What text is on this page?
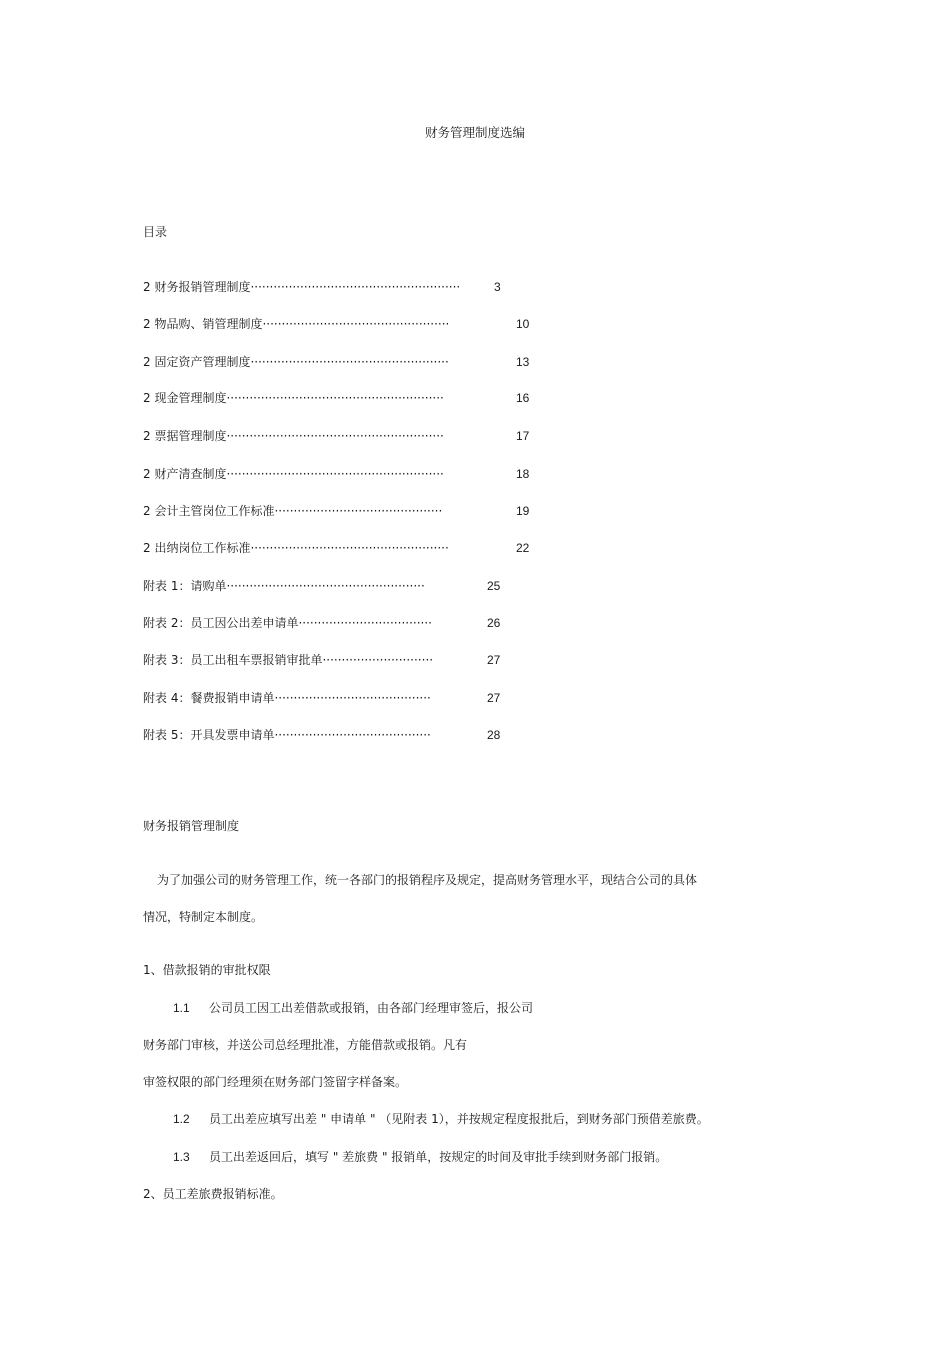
财务管理制度选编
目录
2 财务报销管理制度·······················································	3
2 物品购、销管理制度·················································	10
2 固定资产管理制度····················································	13
2 现金管理制度·························································	16
2 票据管理制度·························································	17
2 财产清查制度·························································	18
2 会计主管岗位工作标准············································	19
2 出纳岗位工作标准····················································	22
附表 1：请购单····················································	25
附表 2：员工因公出差申请单···································	26
附表 3：员工出租车票报销审批单·····························	27
附表 4：餐费报销申请单·········································	27
附表 5：开具发票申请单·········································	28
财务报销管理制度
为了加强公司的财务管理工作，统一各部门的报销程序及规定，提高财务管理水平，现结合公司的具体
情况，特制定本制度。
1、借款报销的审批权限
1.1 公司员工因工出差借款或报销，由各部门经理审签后，报公司
财务部门审核，并送公司总经理批准，方能借款或报销。凡有
审签权限的部门经理须在财务部门签留字样备案。
1.2 员工出差应填写出差 " 申请单 " （见附表 1），并按规定程度报批后，到财务部门预借差旅费。
1.3 员工出差返回后，填写 " 差旅费 " 报销单，按规定的时间及审批手续到财务部门报销。
2、员工差旅费报销标准。
